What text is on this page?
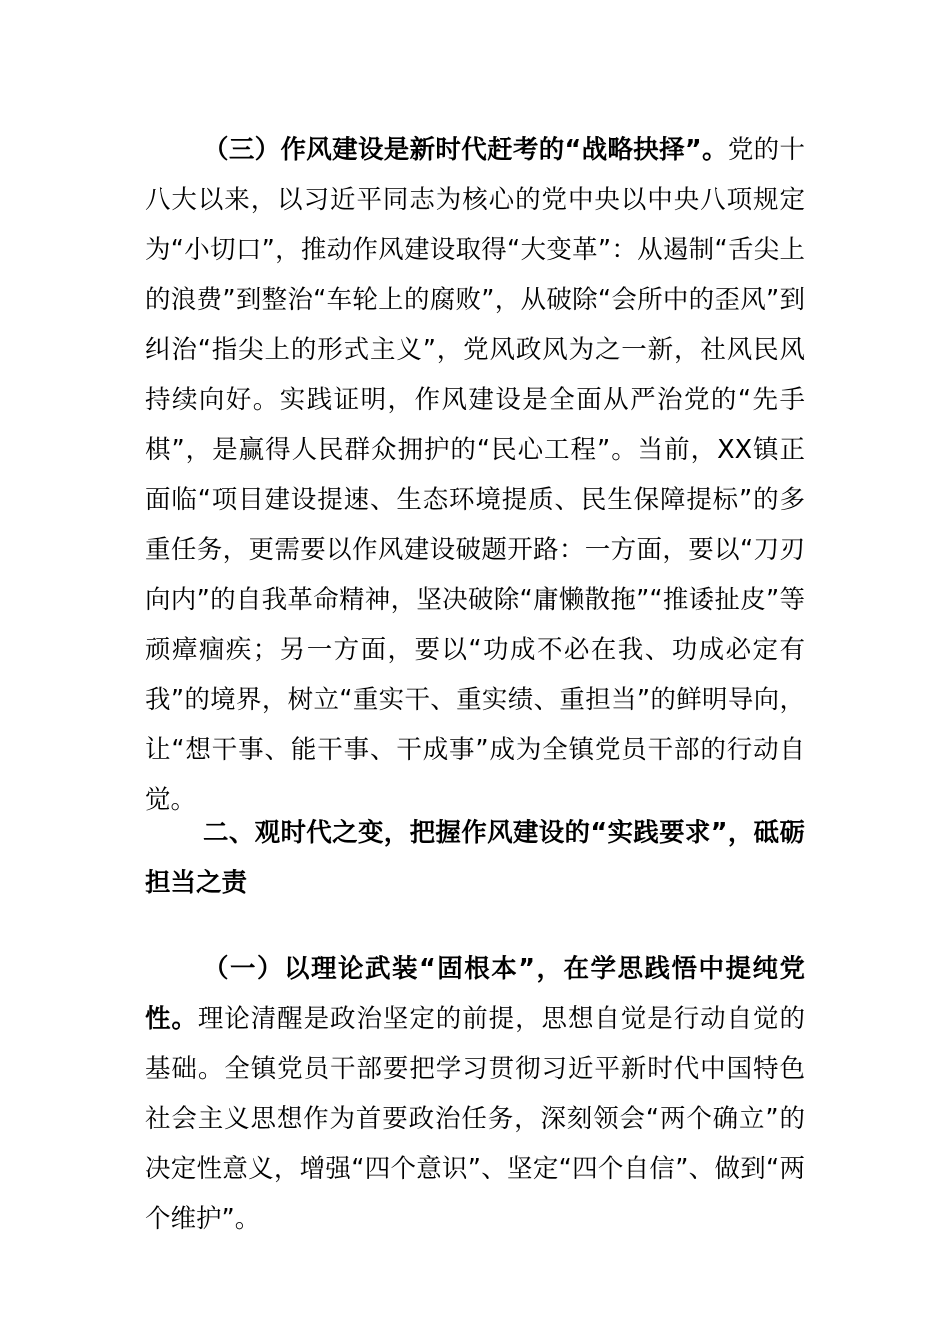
（三）作风建设是新时代赶考的“战略抉择”。党的十八大以来，以习近平同志为核心的党中央以中央八项规定为“小切口”，推动作风建设取得“大变革”：从遏制“舌尖上的浪费”到整治“车轮上的腐败”，从破除“会所中的歪风”到纠治“指尖上的形式主义”，党风政风为之一新，社风民风持续向好。实践证明，作风建设是全面从严治党的“先手棋”，是赢得人民群众拥护的“民心工程”。当前，XX镇正面临“项目建设提速、生态环境提质、民生保障提标”的多重任务，更需要以作风建设破题开路：一方面，要以“刀刃向内”的自我革命精神，坚决破除“庸懒散拖”“推诿扯皮”等顽瘴痼疾；另一方面，要以“功成不必在我、功成必定有我”的境界，树立“重实干、重实绩、重担当”的鲜明导向，让“想干事、能干事、干成事”成为全镇党员干部的行动自觉。

二、观时代之变，把握作风建设的“实践要求”，砥砺担当之责

（一）以理论武装“固根本”，在学思践悟中提纯党性。理论清醒是政治坚定的前提，思想自觉是行动自觉的基础。全镇党员干部要把学习贯彻习近平新时代中国特色社会主义思想作为首要政治任务，深刻领会“两个确立”的决定性意义，增强“四个意识”、坚定“四个自信”、做到“两个维护”。
